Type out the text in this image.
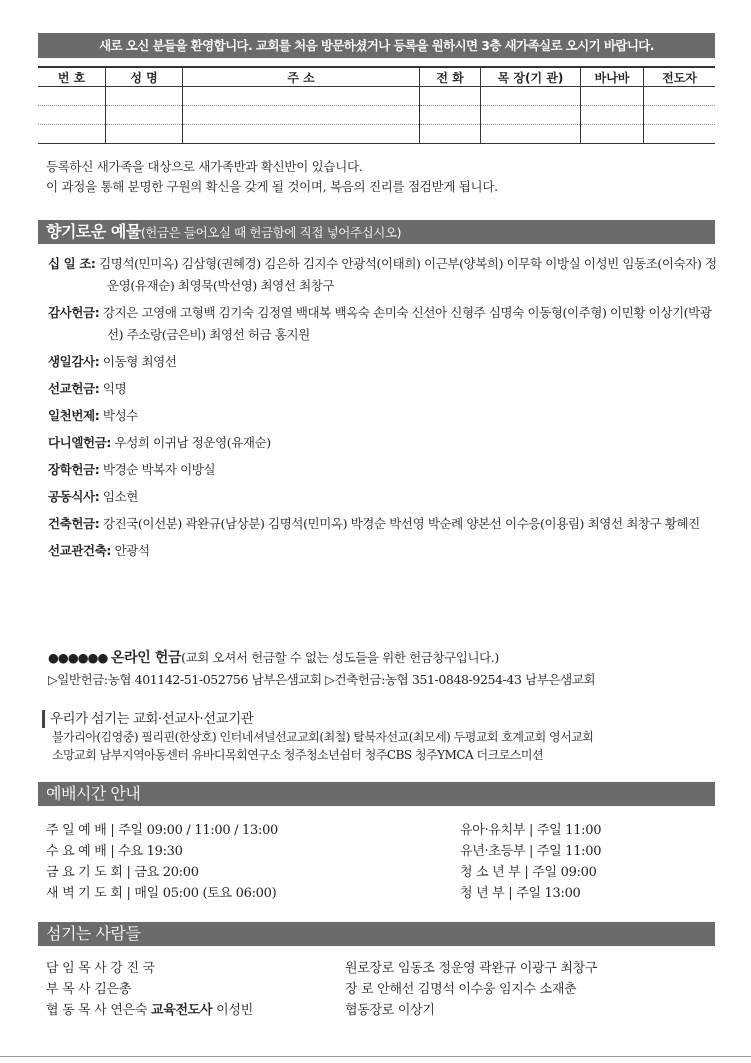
새로 오신 분들을 환영합니다. 교회를 처음 방문하셨거나 등록을 원하시면 3층 새가족실로 오시기 바랍니다.
번 호	성 명	주 소	전 화	목 장(기 관)	바나바	전도자

등록하신 새가족을 대상으로 새가족반과 확신반이 있습니다.
이 과정을 통해 분명한 구원의 확신을 갖게 될 것이며, 복음의 진리를 점검받게 됩니다.
향기로운 예물(헌금은 들어오실 때 헌금함에 직접 넣어주십시오)
십 일 조: 김명석(민미옥) 김삼형(권혜경) 김은하 김지수 안광석(이태희) 이근부(양복희) 이무학 이방실 이성빈 임동조(이숙자) 정운영(유재순) 최영묵(박선영) 최영선 최창구
감사헌금: 강지은 고영애 고형백 김기숙 김정열 백대복 백옥숙 손미숙 신선아 신형주 심명숙 이동형(이주형) 이민황 이상기(박광선) 주소랑(금은비) 최영선 허금 홍지원
생일감사: 이동형 최영선
선교헌금: 익명
일천번제: 박성수
다니엘헌금: 우성희 이귀남 정운영(유재순)
장학헌금: 박경순 박복자 이방실
공동식사: 임소현
건축헌금: 강진국(이선분) 곽완규(남상분) 김명석(민미옥) 박경순 박선영 박순례 양본선 이수응(이용림) 최영선 최창구 황혜진
선교관건축: 안광석
●●●●●● 온라인 헌금(교회 오셔서 헌금할 수 없는 성도들을 위한 헌금창구입니다.)
▷일반헌금:농협 401142-51-052756 남부은샘교회 ▷건축헌금:농협 351-0848-9254-43 남부은샘교회
우리가 섬기는 교회·선교사·선교기관
불가리아(김영중) 필리핀(한상호) 인터네셔널선교교회(최철) 탈북자선교(최모세) 두평교회 호계교회 영서교회
소망교회 남부지역아동센터 유바디목회연구소 청주청소년쉼터 청주CBS 청주YMCA 더크로스미션
예배시간 안내
주 일 예 배 | 주일 09:00 / 11:00 / 13:00
수 요 예 배 | 수요 19:30
금 요 기 도 회 | 금요 20:00
새 벽 기 도 회 | 매일 05:00 (토요 06:00)
유아·유치부 | 주일 11:00
유년·초등부 | 주일 11:00
청 소 년 부 | 주일 09:00
청 년 부 | 주일 13:00
섬기는 사람들
담 임 목 사 강 진 국
부 목 사 김은총
협 동 목 사 연은숙 교육전도사 이성빈
원로장로 임동조 정운영 곽완규 이광구 최창구
장 로 안해선 김명석 이수웅 임지수 소재춘
협동장로 이상기
